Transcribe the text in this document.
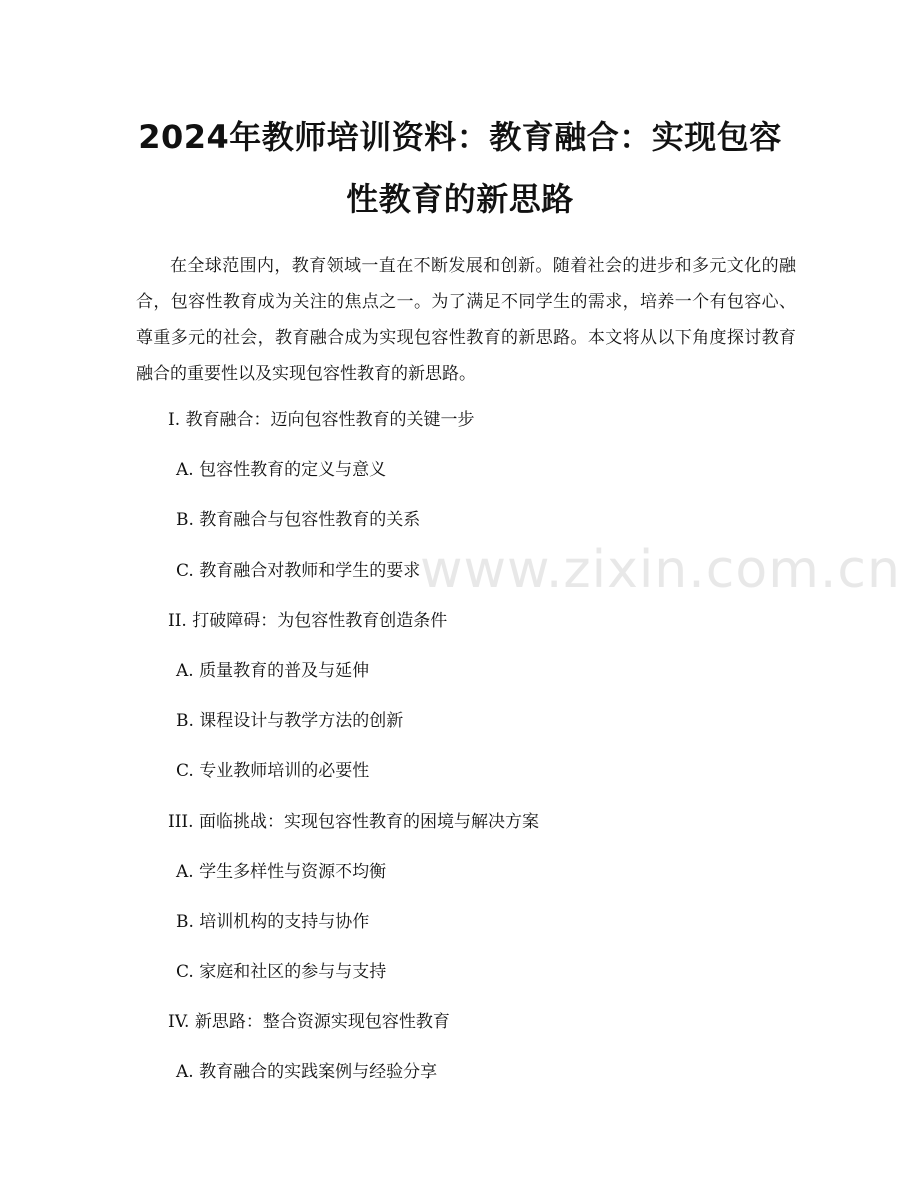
2024年教师培训资料：教育融合：实现包容
性教育的新思路

在全球范围内，教育领域一直在不断发展和创新。随着社会的进步和多元文化的融合，包容性教育成为关注的焦点之一。为了满足不同学生的需求，培养一个有包容心、尊重多元的社会，教育融合成为实现包容性教育的新思路。本文将从以下角度探讨教育融合的重要性以及实现包容性教育的新思路。

I. 教育融合：迈向包容性教育的关键一步
A. 包容性教育的定义与意义
B. 教育融合与包容性教育的关系
C. 教育融合对教师和学生的要求
II. 打破障碍：为包容性教育创造条件
A. 质量教育的普及与延伸
B. 课程设计与教学方法的创新
C. 专业教师培训的必要性
III. 面临挑战：实现包容性教育的困境与解决方案
A. 学生多样性与资源不均衡
B. 培训机构的支持与协作
C. 家庭和社区的参与与支持
IV. 新思路：整合资源实现包容性教育
A. 教育融合的实践案例与经验分享
www.zixin.com.cn
